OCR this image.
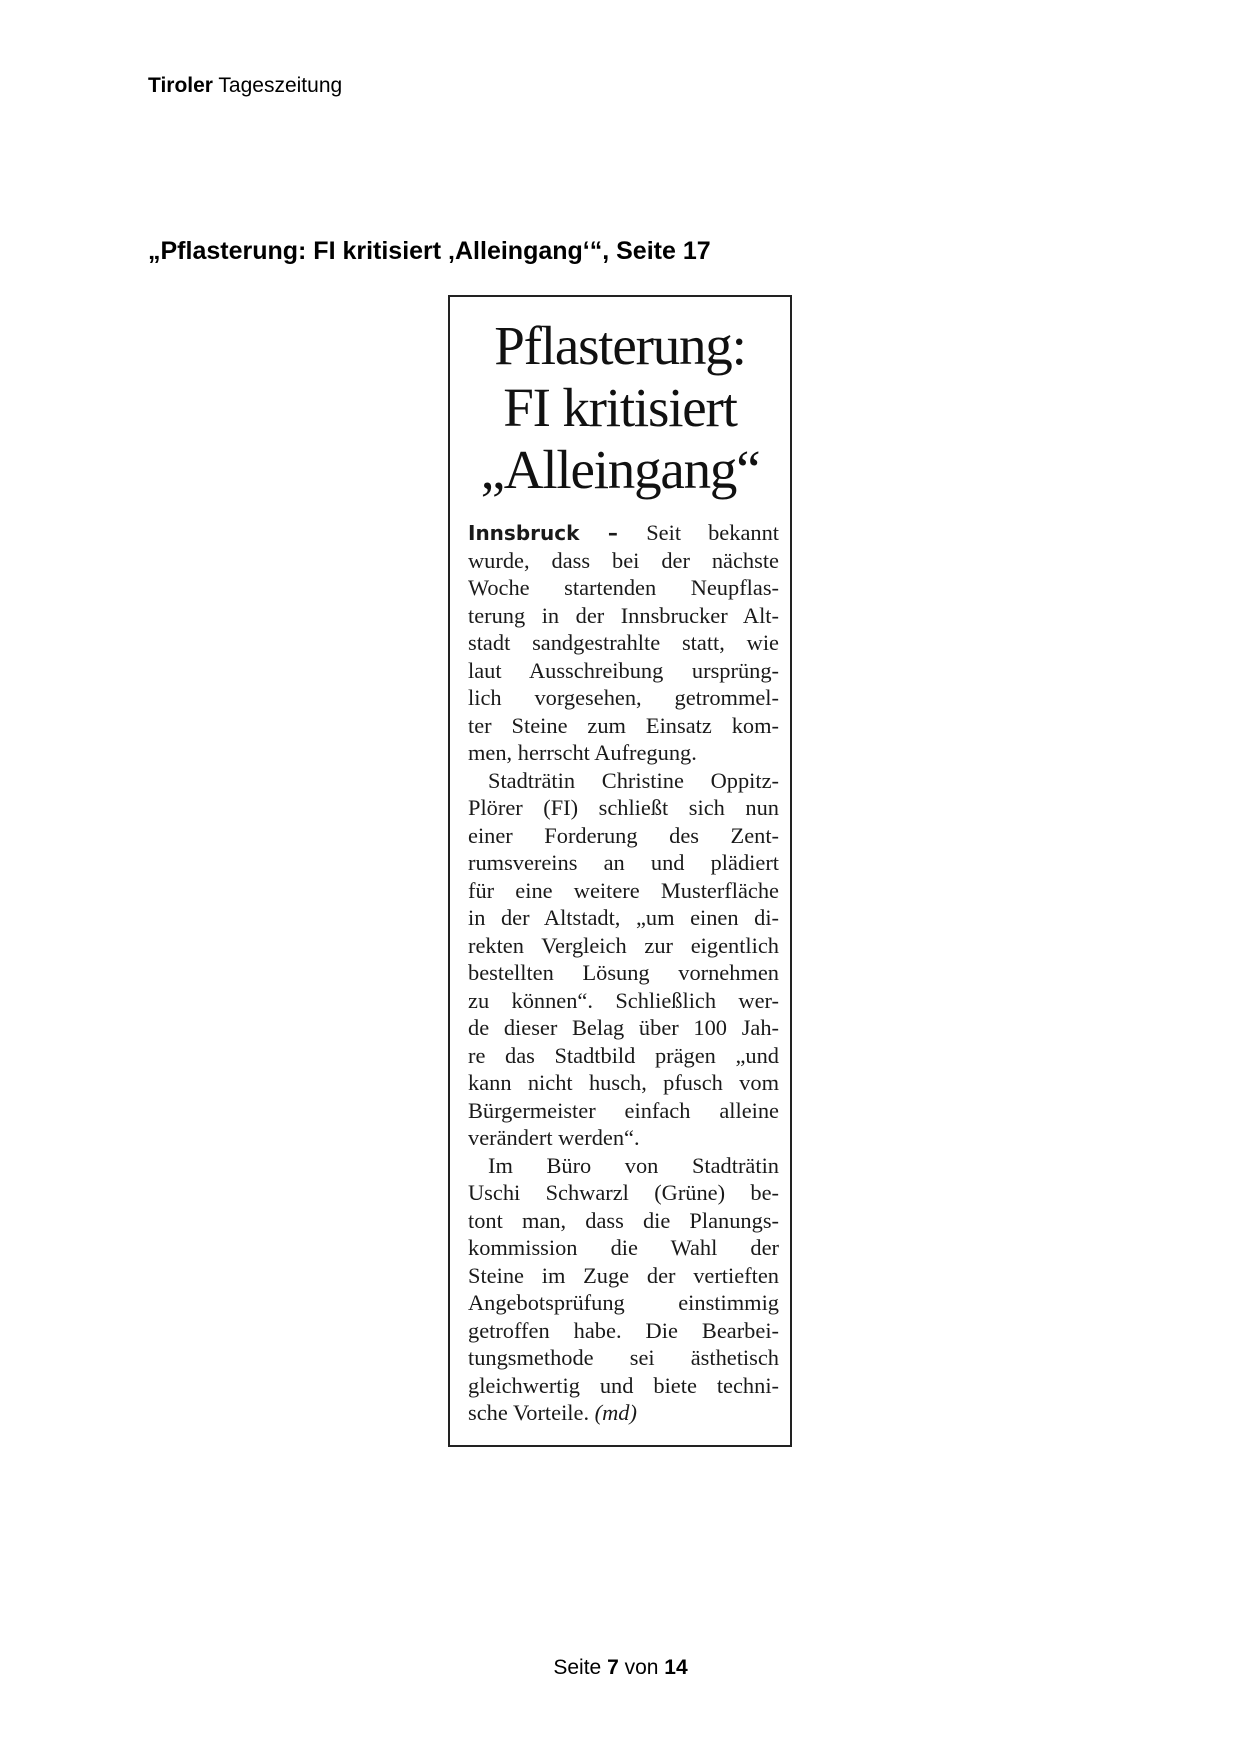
Tiroler Tageszeitung
„Pflasterung: FI kritisiert ‚Alleingang‘“, Seite 17
Pflasterung:
FI kritisiert
„Alleingang“
Innsbruck – Seit bekannt
wurde, dass bei der nächste
Woche startenden Neupflas-
terung in der Innsbrucker Alt-
stadt sandgestrahlte statt, wie
laut Ausschreibung ursprüng-
lich vorgesehen, getrommel-
ter Steine zum Einsatz kom-
men, herrscht Aufregung.
Stadträtin Christine Oppitz-
Plörer (FI) schließt sich nun
einer Forderung des Zent-
rumsvereins an und plädiert
für eine weitere Musterfläche
in der Altstadt, „um einen di-
rekten Vergleich zur eigentlich
bestellten Lösung vornehmen
zu können“. Schließlich wer-
de dieser Belag über 100 Jah-
re das Stadtbild prägen „und
kann nicht husch, pfusch vom
Bürgermeister einfach alleine
verändert werden“.
Im Büro von Stadträtin
Uschi Schwarzl (Grüne) be-
tont man, dass die Planungs-
kommission die Wahl der
Steine im Zuge der vertieften
Angebotsprüfung einstimmig
getroffen habe. Die Bearbei-
tungsmethode sei ästhetisch
gleichwertig und biete techni-
sche Vorteile. (md)
Seite 7 von 14
